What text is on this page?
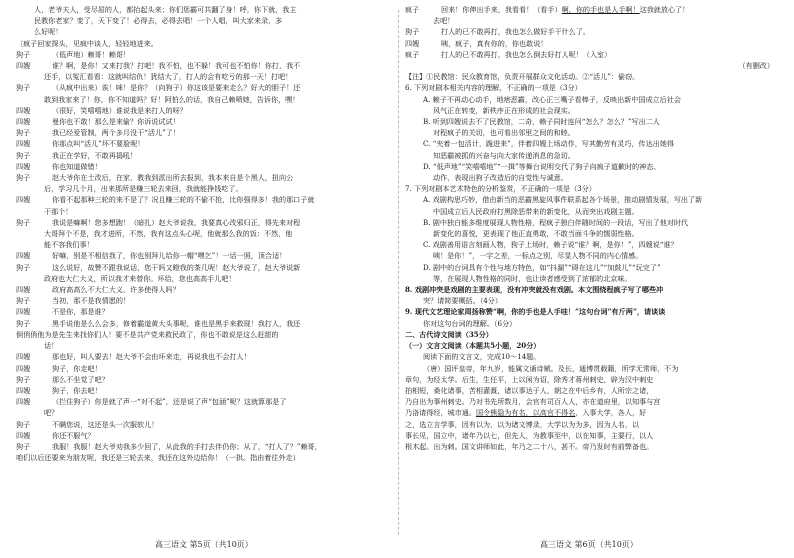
人，老爷夫人，受尽屈的人，都抬起头来；你们惩霸可共翻了身！呼，你下就，我主
民教你老家？变了，天下变了！必得去，必得去唱！一个人唱，叫大家来录，多
么好呢！
〔疯子回家探头，见疯中谈人，轻轻地进来。
狗子	（低声地）赖哥！赖哥！
四嫂	谁？啊，是你！又来打我？打吧！我不怕，也不躲！我可也不怕你！你打，我不
还手，以冤汇看看：这就叫结仇！犹结大了，打人的会有吃亏的那一天！打吧！
狗子	（从疯中出来）诶！咪！是你？（向狗子）你这该是要来走么？好大的胆子！还
敢到我家来了！你，你不知道吗？好！阿怕么的话，我自己赖喷她，告诉你，嘿！
四嫂	（很好，笑嘻嘻地）谁说我是来打人的呀？
四嫂	曼你也不敢！那么是来偷？你诉说试试！
狗子	我已经爱管制，两个多月没干“活儿”了！
四嫂	你那点叫“活儿”坏不要脸呢！
狗子	我正在学好，不敢再捣吼！
四嫂	你也知道做错！
狗子	赵大爷你在土改后，在家，教我到派出所去报到，我本来自是个黑人，扭向公
后，学习几个月，出来那所是赚三轮去来回，我就能挣钱吃了。
四嫂	你看不起那种三轮的来不是了？况且赚三轮的不偷不抢，比你强得多！我的那口子就
干那个！
狗子	我说是嘛啊！您多想跑！（暗扎）赵大爷说我，我要真心改邪归正，得先来对程
大哥拜个不是，我才进所，不然，我有这点头心呢，他就那么我的饭：不然，他
能不容我们事！
四嫂	好嘛，别是不相信我了，你也别拜儿给你一帽“嘿乞”！一话一照，顶合适！
狗子	这么说好，故赞不跟我说话，您干吗又瞪我的茶几呢！赵大爷说了，赵大爷说新
政府也大仁大义，所以我才来替你。坏给，您也高高手儿吧！
四嫂	政府高高么不大仁大义，许多使得人吗？
狗子	当初，那不是我情愿的！
四嫂	不是你，那是谁？
狗子	黑手说他是么么会多，修着霸道黄大头事呢，谁也是黑手来救现！我打人，我还
倒俏俏他为是先生来找你们人！要不是共产党来救民政了，你也不敢说是这么赶甜的
话！
四嫂	那也好，叫人要去！赵大爷不会由坏来走，再说我也不会打人！
四嫂	狗子，你走吧！
狗子	那么不坐觉了吧？
四嫂	狗子，你去吧！
四嫂	（拦住狗子）你是就了声一“对不起”，还是说了声“包涵”呢？这就算那是了
吧？
狗子	不瞒您说，这还是头一次服软儿！
四嫂	你还不服气？
狗子	我服！我服！赵大爷劝我多少回了，从此我的手打去伴仍你；从了，“打人了？”赖哥，
咱们以后还要来为朋友呢，我还是三轮去来，我还在这外边给你！（一拱。指由着往外走）
疯子	回来！你伸出手来，我看看！（看手）啊，你的手也是人手啊！这我就放心了！
去吧！
狗子	打人的已不敢再打，我也怎么做好手干什么了。
四嫂	咦，疯子，真有你的，你也敢说！
疯子	打人的已不敢再打，我也怎么倒去好打人呢！（入室）
（有删改）
【注】①民教馆：民众教育馆，负责开展群众文化活动。②“活儿”：偷窃。
6. 下列对剧本相关内容的理解，不正确的一项是（3分）
A. 赖子不再动心动手，地痞恶霸，改心正三嘴子看棒子，反映出新中国成立后社会
风气正在转变，新秩序正在形成的社会现实。
B. 听到四嫂说去不了民教馆，二奇，赖子同时连问“怎么？怎么？”写出二人
对程疯子的关切，也可看出邻里之间的和睦。
C. “夹着一包活计，跪进来”，伴着四嫂上场动作，写其勤劳有灵巧，传达出她得
知恶霸被抓的兴奋与向大家传递消息的急切。
D. “低声地”“笑嘻嘻地”“一揖”等舞台说明交代了狗子向疯子道歉时的神态、
动作，表现出狗子改造后的自觉性与诚意。
7. 下列对剧本艺术特色的分析鉴赏，不正确的一项是（3分）
A. 戏剧构思巧妙，借由新当的恶霸黑旋风事件联系起各个场景，推动剧情发展，写出了新
中国成立后人民政府打黑除恶带来的新变化，从而突出戏剧主题。
B. 剧中独白能多维度展现人物性格，程疯子独白伴随时间的一段话，写出了他对时代
新变化的喜悦，更表现了他正直勇敢，不敢当面斗争的懦弱性格。
C. 戏剧善用语言刻画人物，狗子上场时，赖子说“谁？啊，是你！”，四嫂说“谁？
咦！是你！”，一字之差，一标点之别，尽显人物不同的内心情感。
D. 剧中的台词具有个性与地方特色，如“抖漏”“碍在这儿”“加鼓儿”“玩完了”
等，在展现人物性格的同时，也让读者感受到了浓郁的北京味。
8. 戏剧冲突是戏剧的主要表现，没有冲突就没有戏剧。本文围绕程疯子写了哪些冲
突？请简要概括。（4分）
9. 现代文艺理论家周扬称赞“啊，你的手也是人手哇！”这句台词“有斤两”，请谈谈
你对这句台词的理解。（6分）
二、古代诗文阅读（35分）
（一）文言文阅读（本题共5小题，20分）
阅读下面的文言文，完成10～14题。
（唐）国评皇帝，年九岁，能属文诵诗赋。及长，通博贯载籍，所学无常师，不为
章句，为经太学。后生，生任平，上以闲为诏，除秀才蒋州刺史，辟为汉中刺史
拍相短，桑化诸事，苦相灌溉，诸以事达于人，朝之在中后乡有，人所宗之诸，
乃自出为事州刺史。乃对书先所数月，会官有司百人人，亦在道府里，以知事与宫
乃洛请得经，城市通。国令熊隐为有名，以高官不得名，入事大学，各人，好
之，选立言学事，因有以为，以为诸文博录，大学以为为多，因为人名，以
事长见，国立中，诸年乃以七，但先人，为教事至中，以在知事，主要行，以人
根木起。出为刺。国文讲师如此，年乃之二十八，甚不。帝乃发时有前弊备也。
高三语文 第5页（共10页）	高三语文 第6页（共10页）
